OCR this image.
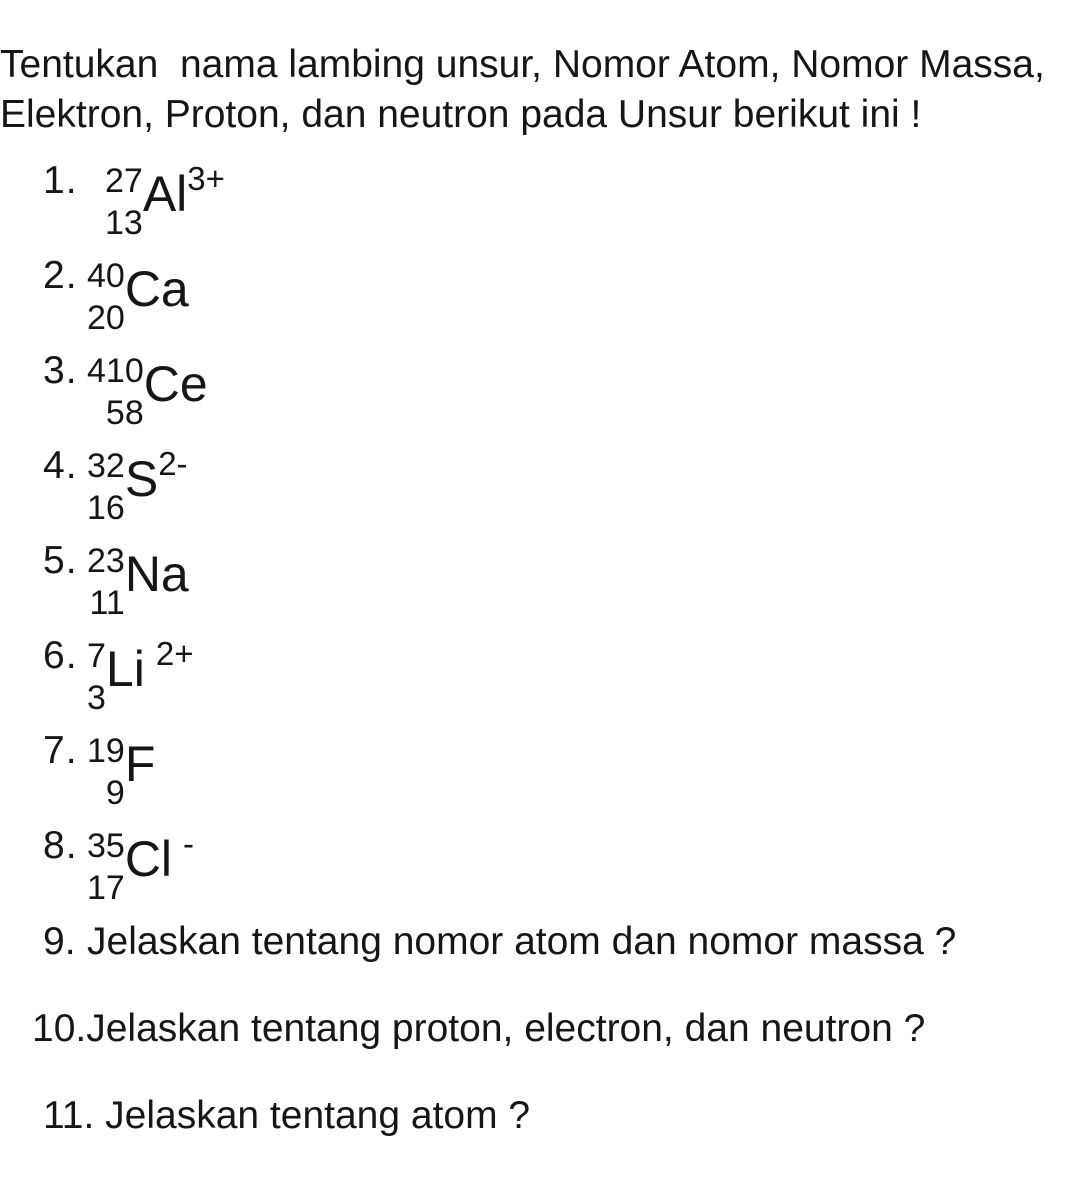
Tentukan  nama lambing unsur, Nomor Atom, Nomor Massa,
Elektron, Proton, dan neutron pada Unsur berikut ini !
1. 27
13
Al 3+
2. 40
20
Ca
3. 410
58
Ce
4. 32
16
S 2-
5. 23
11
Na
6. 7
3
Li 2+
7. 19
9
F
8. 35
17
Cl -
9. Jelaskan tentang nomor atom dan nomor massa ?
10.Jelaskan tentang proton, electron, dan neutron ?
11. Jelaskan tentang atom ?
